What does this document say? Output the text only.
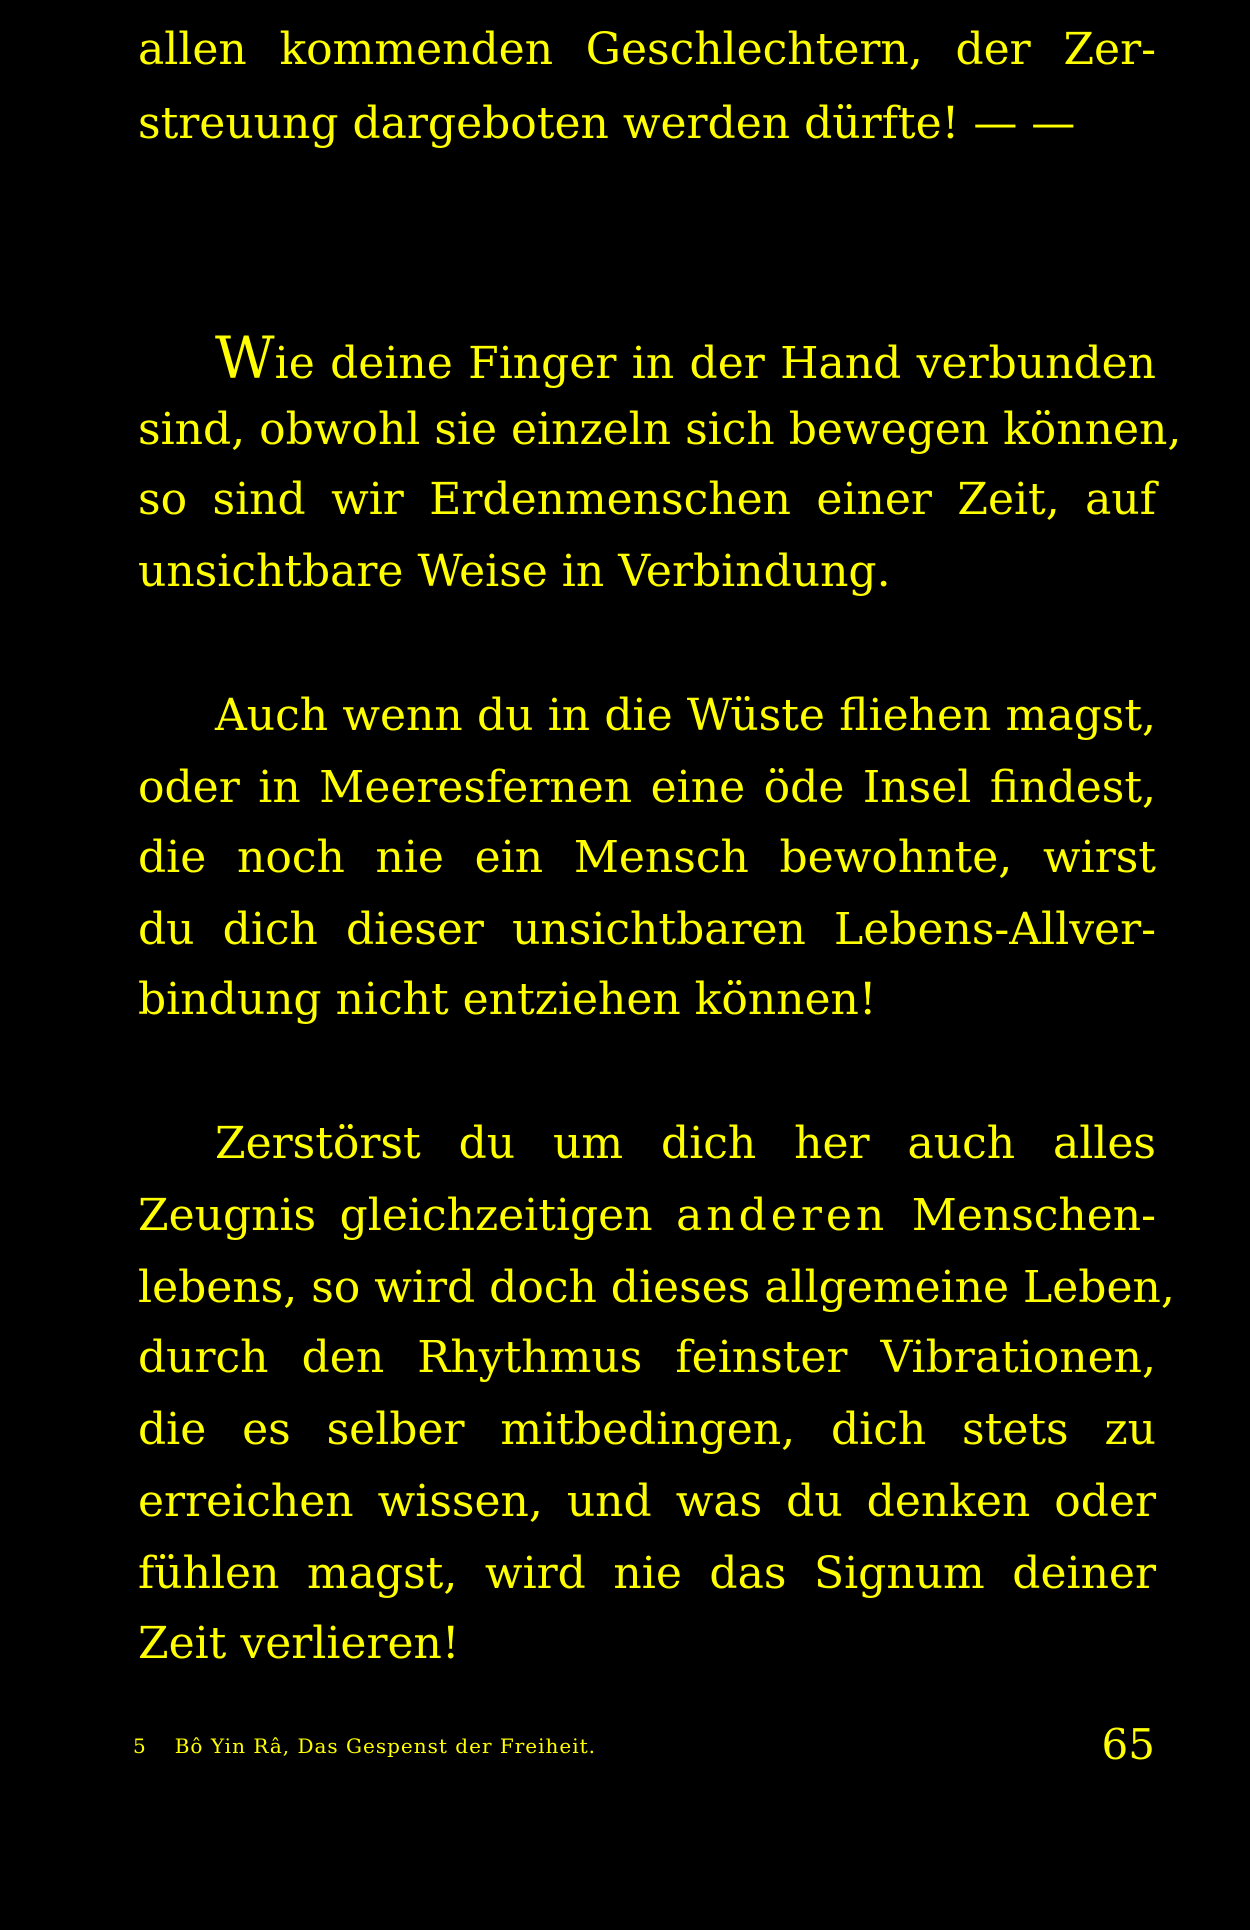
allen kommenden Geschlechtern, der Zer-
streuung dargeboten werden dürfte! — —
Wie deine Finger in der Hand verbunden
sind, obwohl sie einzeln sich bewegen können,
so sind wir Erdenmenschen einer Zeit, auf
unsichtbare Weise in Verbindung.
Auch wenn du in die Wüste fliehen magst,
oder in Meeresfernen eine öde Insel findest,
die noch nie ein Mensch bewohnte, wirst
du dich dieser unsichtbaren Lebens-Allver-
bindung nicht entziehen können!
Zerstörst du um dich her auch alles
Zeugnis gleichzeitigen anderen Menschen-
lebens, so wird doch dieses allgemeine Leben,
durch den Rhythmus feinster Vibrationen,
die es selber mitbedingen, dich stets zu
erreichen wissen, und was du denken oder
fühlen magst, wird nie das Signum deiner
Zeit verlieren!
5 Bô Yin Râ, Das Gespenst der Freiheit.	65
